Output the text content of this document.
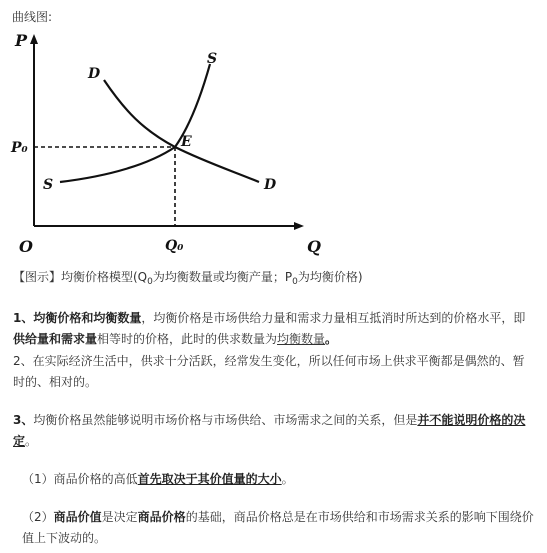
曲线图:

P
Q
O
P₀
Q₀
E
D
D
S
S

【图示】均衡价格模型($Q_0$为均衡数量或均衡产量；$P_0$为均衡价格)

1、均衡价格和均衡数量，均衡价格是市场供给力量和需求力量相互抵消时所达到的价格水平，即供给量和需求量相等时的价格，此时的供求数量为均衡数量。

2、在实际经济生活中，供求十分活跃，经常发生变化，所以任何市场上供求平衡都是偶然的、暂时的、相对的。

3、均衡价格虽然能够说明市场价格与市场供给、市场需求之间的关系，但是并不能说明价格的决定。

（1）商品价格的高低首先取决于其价值量的大小。

（2）商品价值是决定商品价格的基础，商品价格总是在市场供给和市场需求关系的影响下围绕价值上下波动的。
